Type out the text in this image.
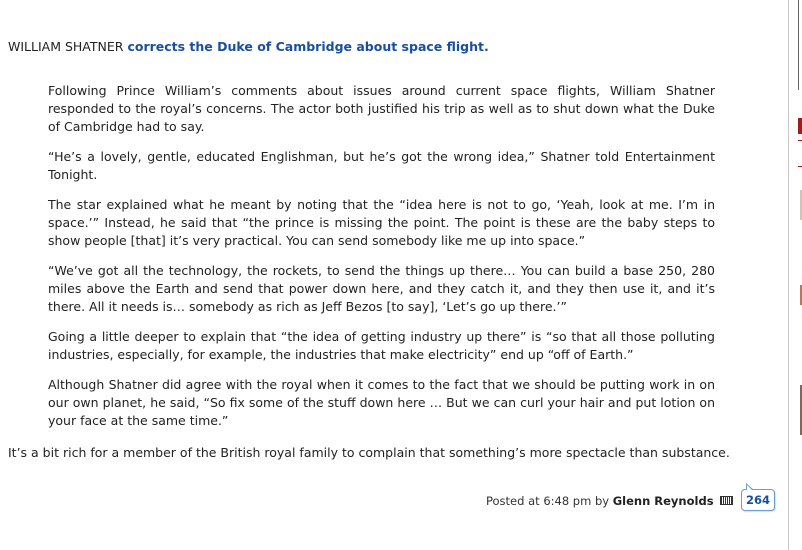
WILLIAM SHATNER corrects the Duke of Cambridge about space flight.

Following Prince William’s comments about issues around current space flights, William Shatner responded to the royal’s concerns. The actor both justified his trip as well as to shut down what the Duke of Cambridge had to say.

“He’s a lovely, gentle, educated Englishman, but he’s got the wrong idea,” Shatner told Entertainment Tonight.

The star explained what he meant by noting that the “idea here is not to go, ‘Yeah, look at me. I’m in space.’” Instead, he said that “the prince is missing the point. The point is these are the baby steps to show people [that] it’s very practical. You can send somebody like me up into space.”

“We’ve got all the technology, the rockets, to send the things up there… You can build a base 250, 280 miles above the Earth and send that power down here, and they catch it, and they then use it, and it’s there. All it needs is… somebody as rich as Jeff Bezos [to say], ‘Let’s go up there.’”

Going a little deeper to explain that “the idea of getting industry up there” is “so that all those polluting industries, especially, for example, the industries that make electricity” end up “off of Earth.”

Although Shatner did agree with the royal when it comes to the fact that we should be putting work in on our own planet, he said, “So fix some of the stuff down here … But we can curl your hair and put lotion on your face at the same time.”

It’s a bit rich for a member of the British royal family to complain that something’s more spectacle than substance.

Posted at 6:48 pm by Glenn Reynolds	264
